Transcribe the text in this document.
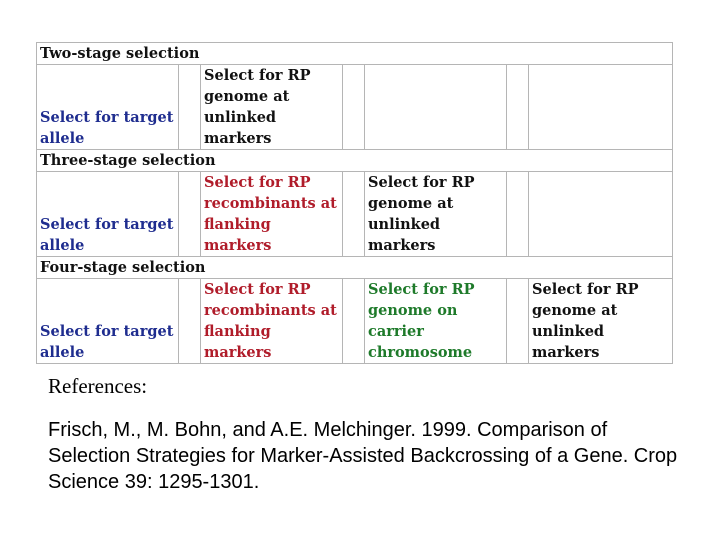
Two-stage selection						
Select for target allele		Select for RP genome at unlinked markers				
Three-stage selection						
Select for target allele		Select for RP recombinants at flanking markers		Select for RP genome at unlinked markers		
Four-stage selection						
Select for target allele		Select for RP recombinants at flanking markers		Select for RP genome on carrier chromosome		Select for RP genome at unlinked markers
References:
Frisch, M., M. Bohn, and A.E. Melchinger. 1999. Comparison of Selection Strategies for Marker-Assisted Backcrossing of a Gene. Crop Science 39: 1295-1301.
